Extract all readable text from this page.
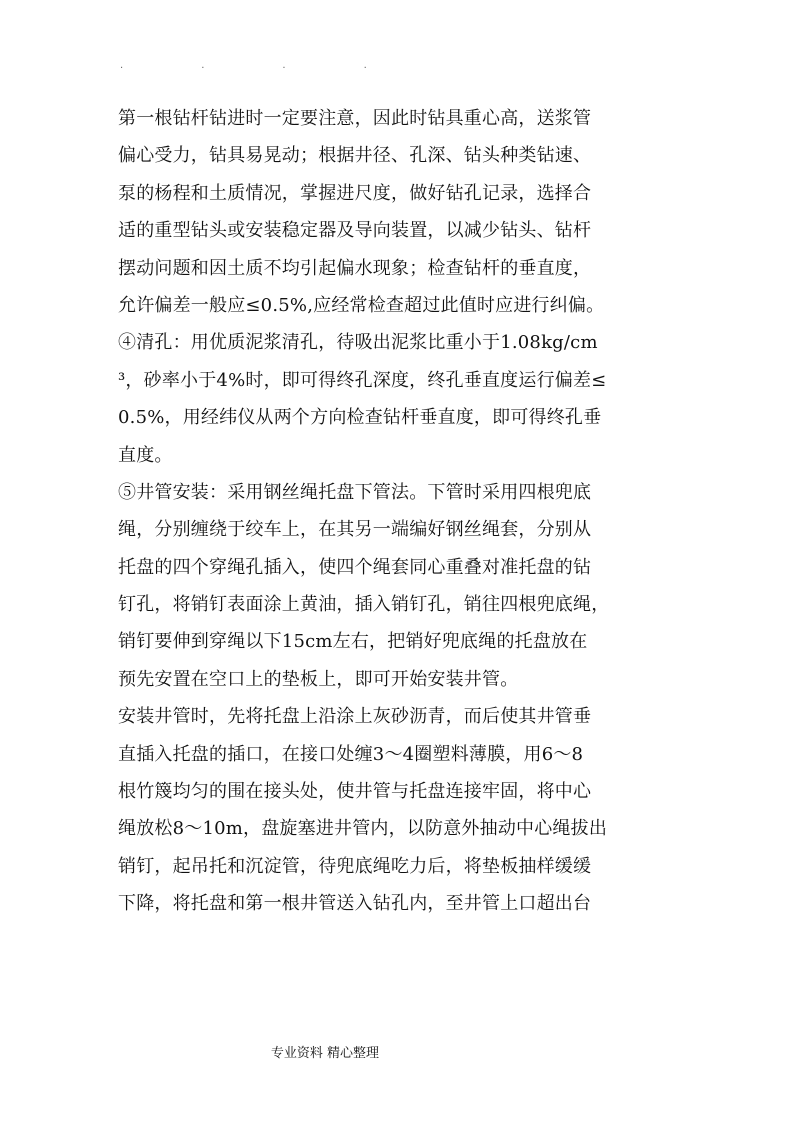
.	.	.	.
第一根钻杆钻进时一定要注意，因此时钻具重心高，送浆管
偏心受力，钻具易晃动；根据井径、孔深、钻头种类钻速、
泵的杨程和土质情况，掌握进尺度，做好钻孔记录，选择合
适的重型钻头或安装稳定器及导向装置，以减少钻头、钻杆
摆动问题和因土质不均引起偏水现象；检查钻杆的垂直度，
允许偏差一般应≤0.5%,应经常检查超过此值时应进行纠偏。
④清孔：用优质泥浆清孔，待吸出泥浆比重小于1.08kg/cm
³，砂率小于4%时，即可得终孔深度，终孔垂直度运行偏差≤
0.5%，用经纬仪从两个方向检查钻杆垂直度，即可得终孔垂
直度。
⑤井管安装：采用钢丝绳托盘下管法。下管时采用四根兜底
绳，分别缠绕于绞车上，在其另一端编好钢丝绳套，分别从
托盘的四个穿绳孔插入，使四个绳套同心重叠对准托盘的钻
钉孔，将销钉表面涂上黄油，插入销钉孔，销往四根兜底绳，
销钉要伸到穿绳以下15cm左右，把销好兜底绳的托盘放在
预先安置在空口上的垫板上，即可开始安装井管。
安装井管时，先将托盘上沿涂上灰砂沥青，而后使其井管垂
直插入托盘的插口，在接口处缠3～4圈塑料薄膜，用6～8
根竹篾均匀的围在接头处，使井管与托盘连接牢固，将中心
绳放松8～10m，盘旋塞进井管内，以防意外抽动中心绳拔出
销钉，起吊托和沉淀管，待兜底绳吃力后，将垫板抽样缓缓
下降，将托盘和第一根井管送入钻孔内，至井管上口超出台
专业资料 精心整理
